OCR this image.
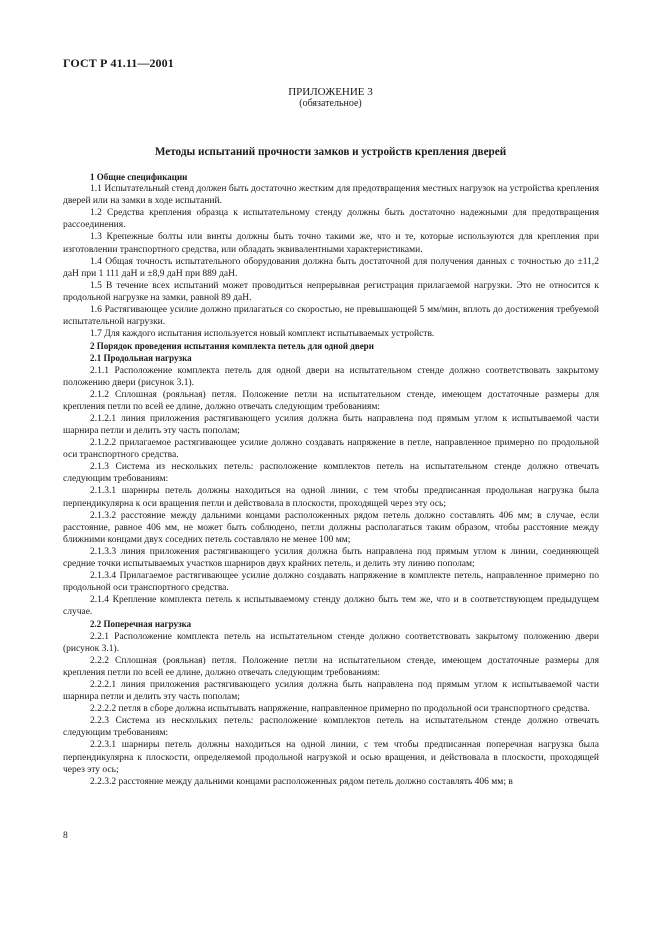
ГОСТ Р 41.11—2001
ПРИЛОЖЕНИЕ 3
(обязательное)
Методы испытаний прочности замков и устройств крепления дверей
1 Общие спецификации
1.1 Испытательный стенд должен быть достаточно жестким для предотвращения местных нагрузок на устройства крепления дверей или на замки в ходе испытаний.
1.2 Средства крепления образца к испытательному стенду должны быть достаточно надежными для предотвращения рассоединения.
1.3 Крепежные болты или винты должны быть точно такими же, что и те, которые используются для крепления при изготовлении транспортного средства, или обладать эквивалентными характеристиками.
1.4 Общая точность испытательного оборудования должна быть достаточной для получения данных с точностью до ±11,2 даН при 1 111 даН и ±8,9 даН при 889 даН.
1.5 В течение всех испытаний может проводиться непрерывная регистрация прилагаемой нагрузки. Это не относится к продольной нагрузке на замки, равной 89 даН.
1.6 Растягивающее усилие должно прилагаться со скоростью, не превышающей 5 мм/мин, вплоть до достижения требуемой испытательной нагрузки.
1.7 Для каждого испытания используется новый комплект испытываемых устройств.
2 Порядок проведения испытания комплекта петель для одной двери
2.1 Продольная нагрузка
2.1.1 Расположение комплекта петель для одной двери на испытательном стенде должно соответствовать закрытому положению двери (рисунок 3.1).
2.1.2 Сплошная (рояльная) петля. Положение петли на испытательном стенде, имеющем достаточные размеры для крепления петли по всей ее длине, должно отвечать следующим требованиям:
2.1.2.1 линия приложения растягивающего усилия должна быть направлена под прямым углом к испытываемой части шарнира петли и делить эту часть пополам;
2.1.2.2 прилагаемое растягивающее усилие должно создавать напряжение в петле, направленное примерно по продольной оси транспортного средства.
2.1.3 Система из нескольких петель: расположение комплектов петель на испытательном стенде должно отвечать следующим требованиям:
2.1.3.1 шарниры петель должны находиться на одной линии, с тем чтобы предписанная продольная нагрузка была перпендикулярна к оси вращения петли и действовала в плоскости, проходящей через эту ось;
2.1.3.2 расстояние между дальними концами расположенных рядом петель должно составлять 406 мм; в случае, если расстояние, равное 406 мм, не может быть соблюдено, петли должны располагаться таким образом, чтобы расстояние между ближними концами двух соседних петель составляло не менее 100 мм;
2.1.3.3 линия приложения растягивающего усилия должна быть направлена под прямым углом к линии, соединяющей средние точки испытываемых участков шарниров двух крайних петель, и делить эту линию пополам;
2.1.3.4 Прилагаемое растягивающее усилие должно создавать напряжение в комплекте петель, направленное примерно по продольной оси транспортного средства.
2.1.4 Крепление комплекта петель к испытываемому стенду должно быть тем же, что и в соответствующем предыдущем случае.
2.2 Поперечная нагрузка
2.2.1 Расположение комплекта петель на испытательном стенде должно соответствовать закрытому положению двери (рисунок 3.1).
2.2.2 Сплошная (рояльная) петля. Положение петли на испытательном стенде, имеющем достаточные размеры для крепления петли по всей ее длине, должно отвечать следующим требованиям:
2.2.2.1 линия приложения растягивающего усилия должна быть направлена под прямым углом к испытываемой части шарнира петли и делить эту часть пополам;
2.2.2.2 петля в сборе должна испытывать напряжение, направленное примерно по продольной оси транспортного средства.
2.2.3 Система из нескольких петель: расположение комплектов петель на испытательном стенде должно отвечать следующим требованиям:
2.2.3.1 шарниры петель должны находиться на одной линии, с тем чтобы предписанная поперечная нагрузка была перпендикулярна к плоскости, определяемой продольной нагрузкой и осью вращения, и действовала в плоскости, проходящей через эту ось;
2.2.3.2 расстояние между дальними концами расположенных рядом петель должно составлять 406 мм; в
8
